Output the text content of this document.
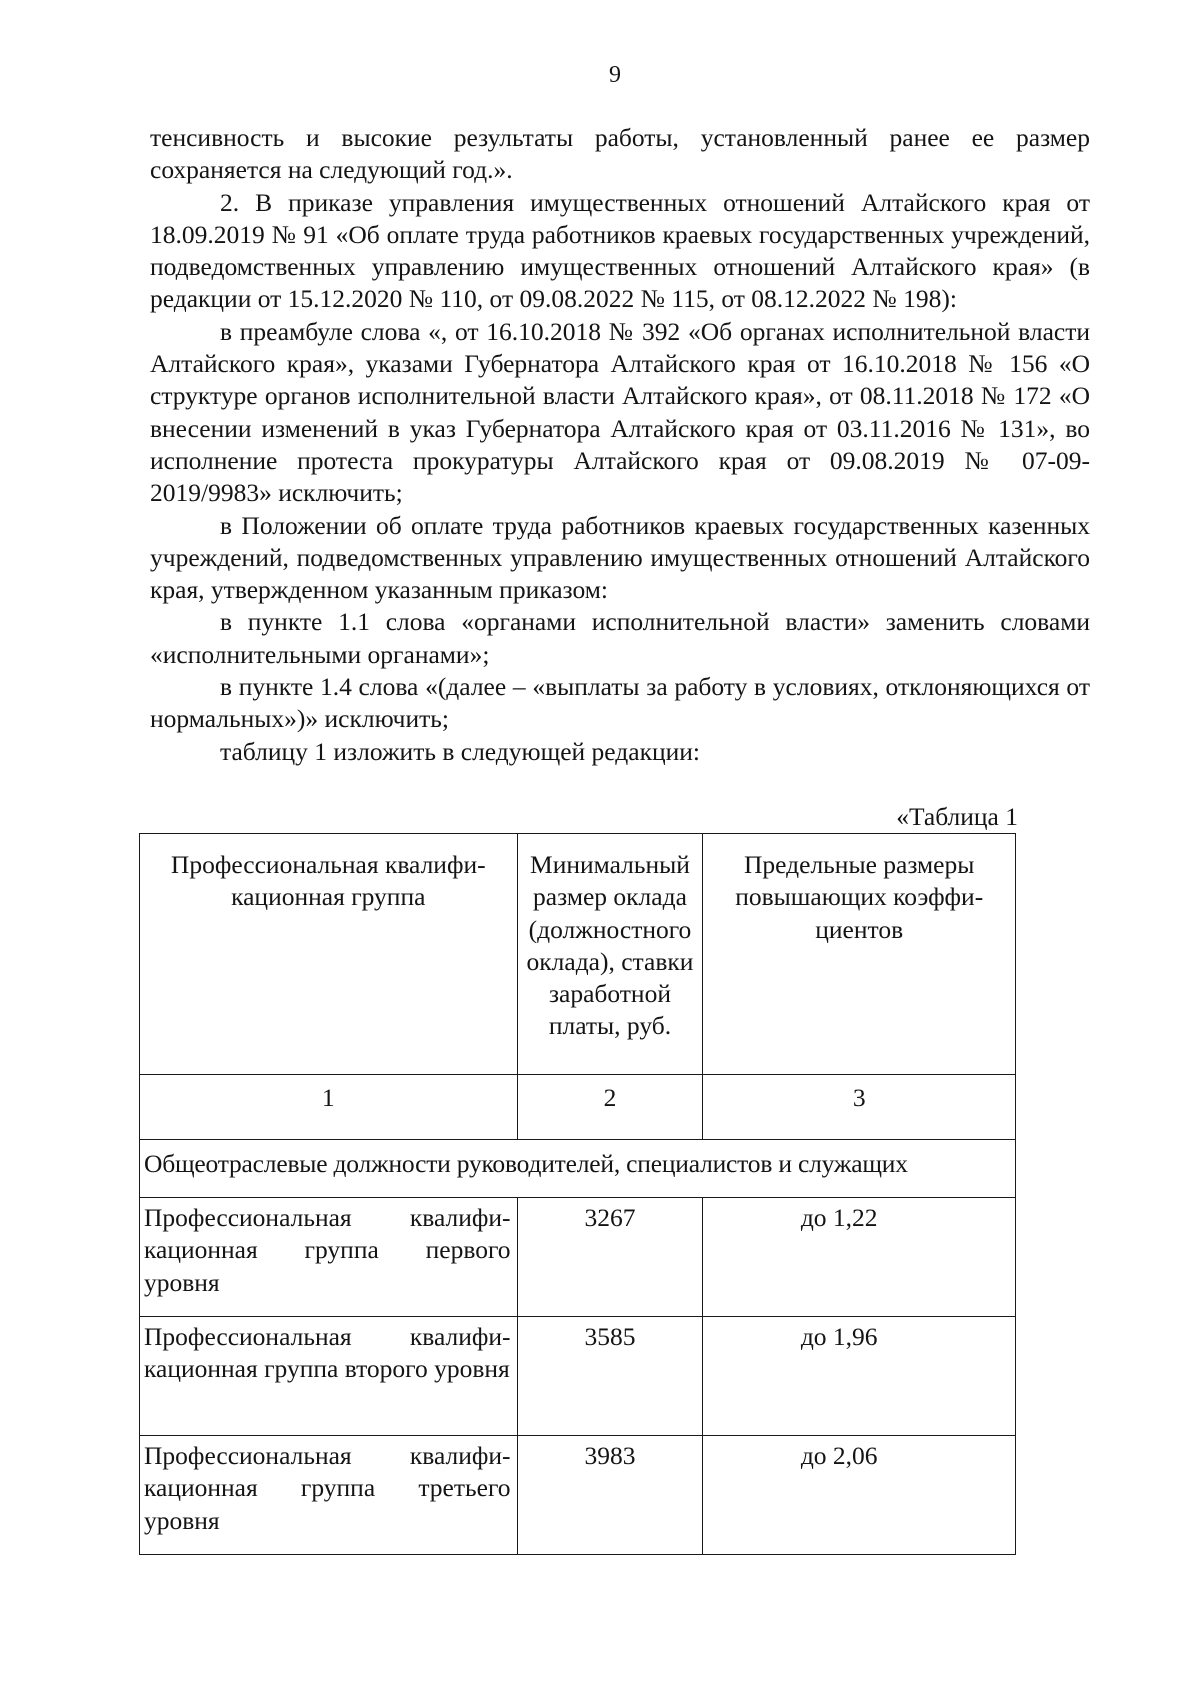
9

тенсивность и высокие результаты работы, установленный ранее ее размер сохраняется на следующий год.».

2. В приказе управления имущественных отношений Алтайского края от 18.09.2019 № 91 «Об оплате труда работников краевых государственных учреждений, подведомственных управлению имущественных отношений Алтайского края» (в редакции от 15.12.2020 № 110, от 09.08.2022 № 115, от 08.12.2022 № 198):

в преамбуле слова «, от 16.10.2018 № 392 «Об органах исполнительной власти Алтайского края», указами Губернатора Алтайского края от 16.10.2018 № 156 «О структуре органов исполнительной власти Алтайского края», от 08.11.2018 № 172 «О внесении изменений в указ Губернатора Алтайского края от 03.11.2016 № 131», во исполнение протеста прокуратуры Алтайского края от 09.08.2019 № 07-09-2019/9983» исключить;

в Положении об оплате труда работников краевых государственных казенных учреждений, подведомственных управлению имущественных отношений Алтайского края, утвержденном указанным приказом:

в пункте 1.1 слова «органами исполнительной власти» заменить словами «исполнительными органами»;

в пункте 1.4 слова «(далее – «выплаты за работу в условиях, отклоняющихся от нормальных»)» исключить;

таблицу 1 изложить в следующей редакции:

«Таблица 1
Профессиональная квалификационная группа	Минимальный размер оклада (должностного оклада), ставки заработной платы, руб.	Предельные размеры повышающих коэффициентов
1	2	3
Общеотраслевые должности руководителей, специалистов и служащих		
Профессиональная квалификационная группа первого уровня	3267	до 1,22
Профессиональная квалификационная группа второго уровня	3585	до 1,96
Профессиональная квалификационная группа третьего уровня	3983	до 2,06
